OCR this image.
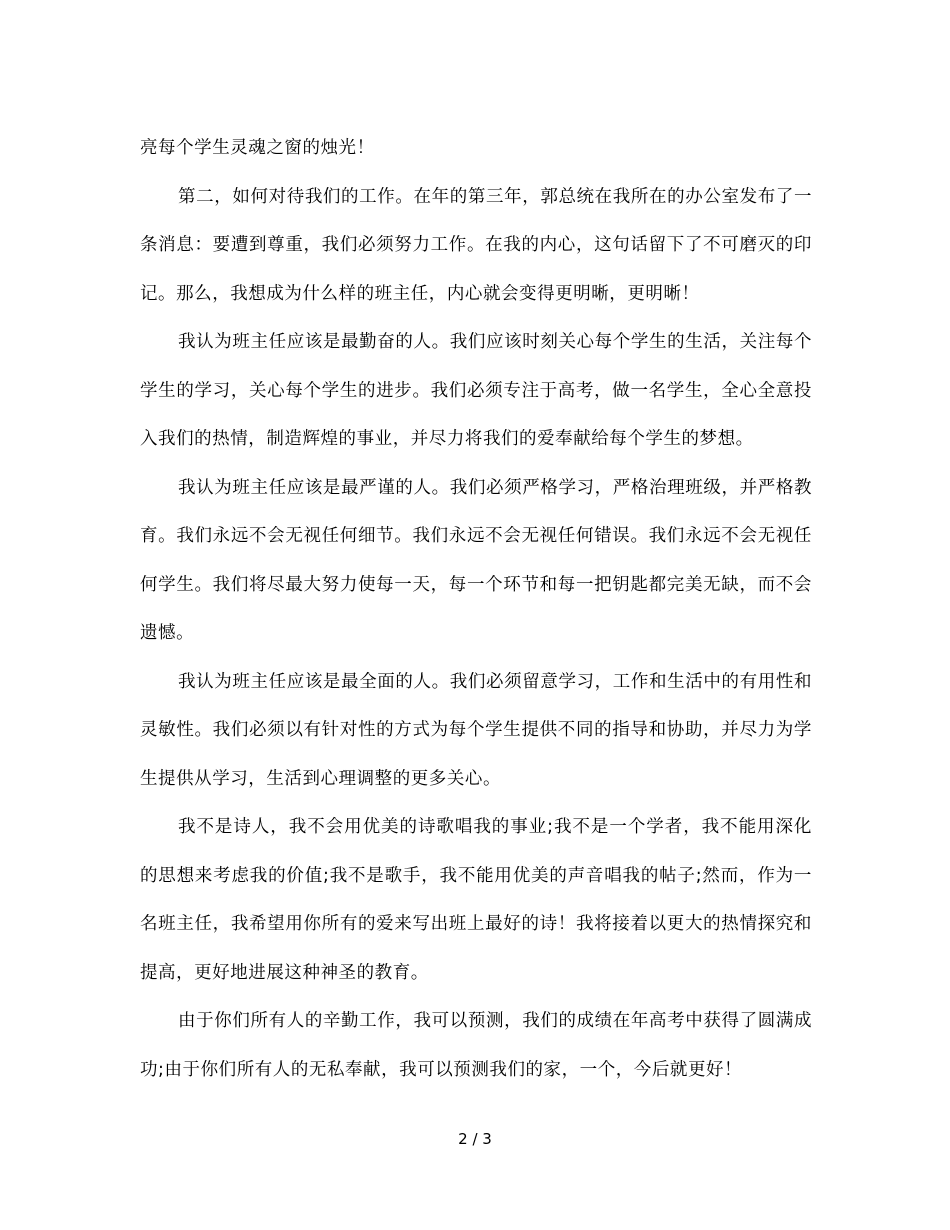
亮每个学生灵魂之窗的烛光！

第二，如何对待我们的工作。在年的第三年，郭总统在我所在的办公室发布了一条消息：要遭到尊重，我们必须努力工作。在我的内心，这句话留下了不可磨灭的印记。那么，我想成为什么样的班主任，内心就会变得更明晰，更明晰！

我认为班主任应该是最勤奋的人。我们应该时刻关心每个学生的生活，关注每个学生的学习，关心每个学生的进步。我们必须专注于高考，做一名学生，全心全意投入我们的热情，制造辉煌的事业，并尽力将我们的爱奉献给每个学生的梦想。

我认为班主任应该是最严谨的人。我们必须严格学习，严格治理班级，并严格教育。我们永远不会无视任何细节。我们永远不会无视任何错误。我们永远不会无视任何学生。我们将尽最大努力使每一天，每一个环节和每一把钥匙都完美无缺，而不会遗憾。

我认为班主任应该是最全面的人。我们必须留意学习，工作和生活中的有用性和灵敏性。我们必须以有针对性的方式为每个学生提供不同的指导和协助，并尽力为学生提供从学习，生活到心理调整的更多关心。

我不是诗人，我不会用优美的诗歌唱我的事业;我不是一个学者，我不能用深化的思想来考虑我的价值;我不是歌手，我不能用优美的声音唱我的帖子;然而，作为一名班主任，我希望用你所有的爱来写出班上最好的诗！我将接着以更大的热情探究和提高，更好地进展这种神圣的教育。

由于你们所有人的辛勤工作，我可以预测，我们的成绩在年高考中获得了圆满成功;由于你们所有人的无私奉献，我可以预测我们的家，一个，今后就更好！

2 / 3
